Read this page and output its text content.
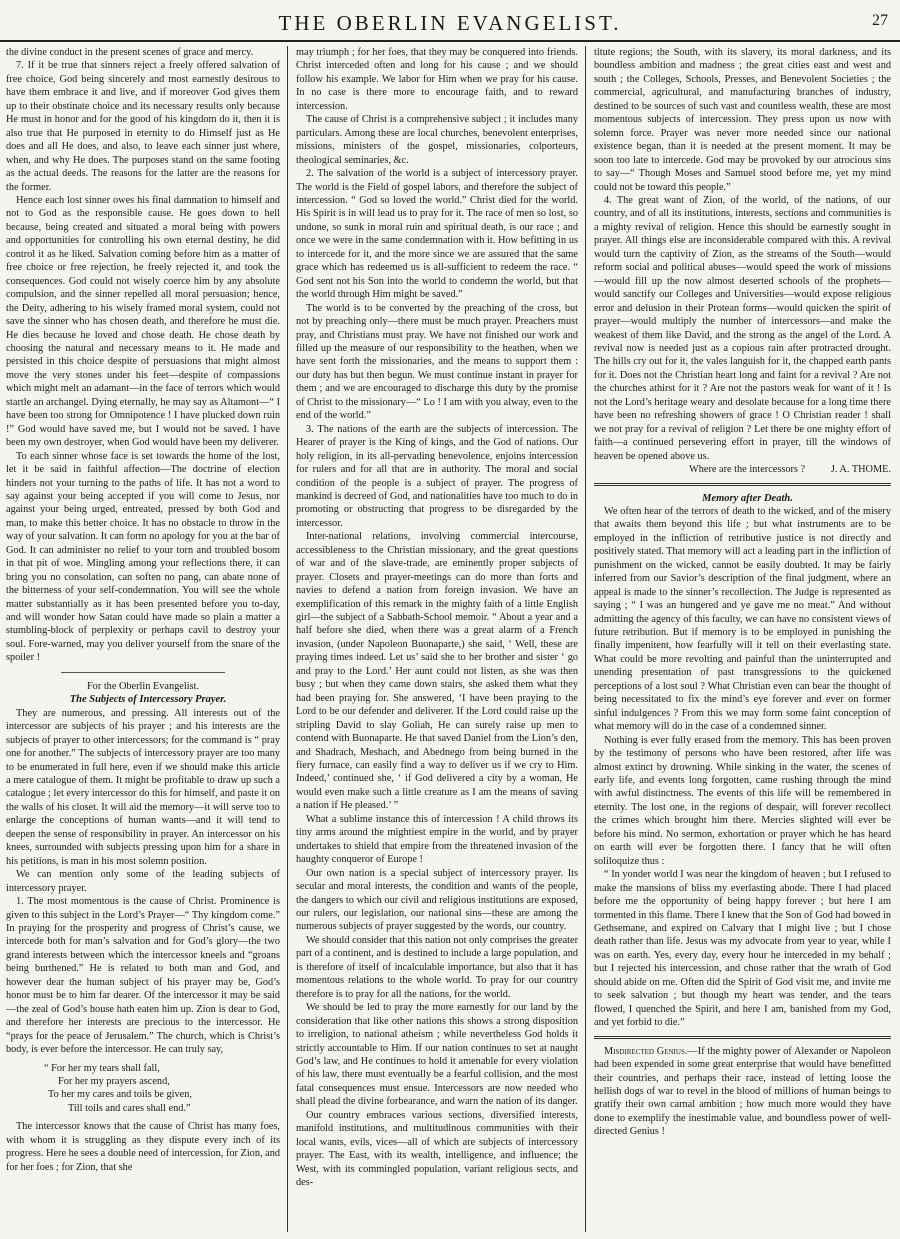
THE OBERLIN EVANGELIST.	27

the divine conduct in the present scenes of grace and mercy.

7. If it be true that sinners reject a freely offered salvation of free choice, God being sincerely and most earnestly desirous to have them embrace it and live, and if moreover God gives them up to their obstinate choice and its necessary results only because He must in honor and for the good of his kingdom do it, then it is also true that He purposed in eternity to do Himself just as He does and all He does, and also, to leave each sinner just where, when, and why He does. The purposes stand on the same footing as the actual deeds. The reasons for the latter are the reasons for the former.

Hence each lost sinner owes his final damnation to himself and not to God as the responsible cause. He goes down to hell because, being created and situated a moral being with powers and opportunities for controlling his own eternal destiny, he did control it as he liked. Salvation coming before him as a matter of free choice or free rejection, he freely rejected it, and took the consequences. God could not wisely coerce him by any absolute compulsion, and the sinner repelled all moral persuasion; hence, the Deity, adhering to his wisely framed moral system, could not save the sinner who has chosen death, and therefore he must die. He dies because he loved and chose death. He chose death by choosing the natural and necessary means to it. He made and persisted in this choice despite of persuasions that might almost move the very stones under his feet—despite of compassions which might melt an adamant—in the face of terrors which would startle an archangel. Dying eternally, he may say as Altamont—“ I have been too strong for Omnipotence ! I have plucked down ruin !” God would have saved me, but I would not be saved. I have been my own destroyer, when God would have been my deliverer.

To each sinner whose face is set towards the home of the lost, let it be said in faithful affection—The doctrine of election hinders not your turning to the paths of life. It has not a word to say against your being accepted if you will come to Jesus, nor against your being urged, entreated, pressed by both God and man, to make this better choice. It has no obstacle to throw in the way of your salvation. It can form no apology for you at the bar of God. It can administer no relief to your torn and troubled bosom in that pit of woe. Mingling among your reflections there, it can bring you no consolation, can soften no pang, can abate none of the bitterness of your self-condemnation. You will see the whole matter substantially as it has been presented before you to-day, and will wonder how Satan could have made so plain a matter a stumbling-block of perplexity or perhaps cavil to destroy your soul. Fore-warned, may you deliver yourself from the snare of the spoiler !

For the Oberlin Evangelist.

The Subjects of Intercessory Prayer.

They are numerous, and pressing. All interests out of the intercessor are subjects of his prayer ; and his interests are the subjects of prayer to other intercessors; for the command is “ pray one for another.” The subjects of intercessory prayer are too many to be enumerated in full here, even if we should make this article a mere catalogue of them. It might be profitable to draw up such a catalogue ; let every intercessor do this for himself, and paste it on the walls of his closet. It will aid the memory—it will serve too to enlarge the conceptions of human wants—and it will tend to deepen the sense of responsibility in prayer. An intercessor on his knees, surrounded with subjects pressing upon him for a share in his petitions, is man in his most solemn position.

We can mention only some of the leading subjects of intercessory prayer.

1. The most momentous is the cause of Christ. Prominence is given to this subject in the Lord’s Prayer—“ Thy kingdom come.” In praying for the prosperity and progress of Christ’s cause, we intercede both for man’s salvation and for God’s glory—the two grand interests between which the intercessor kneels and “groans being burthened.” He is related to both man and God, and however dear the human subject of his prayer may be, God’s honor must be to him far dearer. Of the intercessor it may be said—the zeal of God’s house hath eaten him up. Zion is dear to God, and therefore her interests are precious to the intercessor. He “prays for the peace of Jerusalem.” The church, which is Christ’s body, is ever before the intercessor. He can truly say,

“ For her my tears shall fall,
For her my prayers ascend,
To her my cares and toils be given,
Till toils and cares shall end.”

The intercessor knows that the cause of Christ has many foes, with whom it is struggling as they dispute every inch of its progress. Here he sees a double need of intercession, for Zion, and for her foes ; for Zion, that she

may triumph ; for her foes, that they may be conquered into friends. Christ interceded often and long for his cause ; and we should follow his example. We labor for Him when we pray for his cause. In no case is there more to encourage faith, and to reward intercession.

The cause of Christ is a comprehensive subject ; it includes many particulars. Among these are local churches, benevolent enterprises, missions, ministers of the gospel, missionaries, colporteurs, theological seminaries, &c.

2. The salvation of the world is a subject of intercessory prayer. The world is the Field of gospel labors, and therefore the subject of intercession. “ God so loved the world.” Christ died for the world. His Spirit is in will lead us to pray for it. The race of men so lost, so undone, so sunk in moral ruin and spiritual death, is our race ; and once we were in the same condemnation with it. How befitting in us to intercede for it, and the more since we are assured that the same grace which has redeemed us is all-sufficient to redeem the race. “ God sent not his Son into the world to condemn the world, but that the world through Him might be saved.”

The world is to be converted by the preaching of the cross, but not by preaching only—there must be much prayer. Preachers must pray, and Christians must pray. We have not finished our work and filled up the measure of our responsibility to the heathen, when we have sent forth the missionaries, and the means to support them : our duty has but then begun. We must continue instant in prayer for them ; and we are encouraged to discharge this duty by the promise of Christ to the missionary—“ Lo ! I am with you alway, even to the end of the world.”

3. The nations of the earth are the subjects of intercession. The Hearer of prayer is the King of kings, and the God of nations. Our holy religion, in its all-pervading benevolence, enjoins intercession for rulers and for all that are in authority. The moral and social condition of the people is a subject of prayer. The progress of mankind is decreed of God, and nationalities have too much to do in promoting or obstructing that progress to be disregarded by the intercessor.

Inter-national relations, involving commercial intercourse, accessibleness to the Christian missionary, and the great questions of war and of the slave-trade, are eminently proper subjects of prayer. Closets and prayer-meetings can do more than forts and navies to defend a nation from foreign invasion. We have an exemplification of this remark in the mighty faith of a little English girl—the subject of a Sabbath-School memoir. “ About a year and a half before she died, when there was a great alarm of a French invasion, (under Napoleon Buonaparte,) she said, ‘ Well, these are praying times indeed. Let us’ said she to her brother and sister ‘ go and pray to the Lord.’ Her aunt could not listen, as she was then busy ; but when they came down stairs, she asked them what they had been praying for. She answered, ‘I have been praying to the Lord to be our defender and deliverer. If the Lord could raise up the stripling David to slay Goliah, He can surely raise up men to contend with Buonaparte. He that saved Daniel from the Lion’s den, and Shadrach, Meshach, and Abednego from being burned in the fiery furnace, can easily find a way to deliver us if we cry to Him. Indeed,’ continued she, ‘ if God delivered a city by a woman, He would even make such a little creature as I am the means of saving a nation if He pleased.’ ”

What a sublime instance this of intercession ! A child throws its tiny arms around the mightiest empire in the world, and by prayer undertakes to shield that empire from the threatened invasion of the haughty conqueror of Europe !

Our own nation is a special subject of intercessory prayer. Its secular and moral interests, the condition and wants of the people, the dangers to which our civil and religious institutions are exposed, our rulers, our legislation, our national sins—these are among the numerous subjects of prayer suggested by the words, our country.

We should consider that this nation not only comprises the greater part of a continent, and is destined to include a large population, and is therefore of itself of incalculable importance, but also that it has momentous relations to the whole world. To pray for our country therefore is to pray for all the nations, for the world.

We should be led to pray the more earnestly for our land by the consideration that like other nations this shows a strong disposition to irreligion, to national atheism ; while nevertheless God holds it strictly accountable to Him. If our nation continues to set at naught God’s law, and He continues to hold it amenable for every violation of his law, there must eventually be a fearful collision, and the most fatal consequences must ensue. Intercessors are now needed who shall plead the divine forbearance, and warn the nation of its danger.

Our country embraces various sections, diversified interests, manifold institutions, and multitudinous communities with their local wants, evils, vices—all of which are subjects of intercessory prayer. The East, with its wealth, intelligence, and influence; the West, with its commingled population, variant religious sects, and des-

titute regions; the South, with its slavery, its moral darkness, and its boundless ambition and madness ; the great cities east and west and south ; the Colleges, Schools, Presses, and Benevolent Societies ; the commercial, agricultural, and manufacturing branches of industry, destined to be sources of such vast and countless wealth, these are most momentous subjects of intercession. They press upon us now with solemn force. Prayer was never more needed since our national existence began, than it is needed at the present moment. It may be soon too late to intercede. God may be provoked by our atrocious sins to say—“ Though Moses and Samuel stood before me, yet my mind could not be toward this people.”

4. The great want of Zion, of the world, of the nations, of our country, and of all its institutions, interests, sections and communities is a mighty revival of religion. Hence this should be earnestly sought in prayer. All things else are inconsiderable compared with this. A revival would turn the captivity of Zion, as the streams of the South—would reform social and political abuses—would speed the work of missions—would fill up the now almost deserted schools of the prophets— would sanctify our Colleges and Universities—would expose religious error and delusion in their Protean forms—would quicken the spirit of prayer—would multiply the number of intercessors—and make the weakest of them like David, and the strong as the angel of the Lord. A revival now is needed just as a copious rain after protracted drought. The hills cry out for it, the vales languish for it, the chapped earth pants for it. Does not the Christian heart long and faint for a revival ? Are not the churches athirst for it ? Are not the pastors weak for want of it ! Is not the Lord’s heritage weary and desolate because for a long time there have been no refreshing showers of grace ! O Christian reader ! shall we not pray for a revival of religion ? Let there be one mighty effort of faith—a continued persevering effort in prayer, till the windows of heaven be opened above us.

Where are the intercessors ?	J. A. THOME.

Memory after Death.

We often hear of the terrors of death to the wicked, and of the misery that awaits them beyond this life ; but what instruments are to be employed in the infliction of retributive justice is not directly and positively stated. That memory will act a leading part in the infliction of punishment on the wicked, cannot be easily doubted. It may be fairly inferred from our Savior’s description of the final judgment, where an appeal is made to the sinner’s recollection. The Judge is represented as saying ; “ I was an hungered and ye gave me no meat.” And without admitting the agency of this faculty, we can have no consistent views of future retribution. But if memory is to be employed in punishing the finally impenitent, how fearfully will it tell on their everlasting state. What could be more revolting and painful than the uninterrupted and unending presentation of past transgressions to the quickened perceptions of a lost soul ? What Christian even can bear the thought of being necessitated to fix the mind’s eye forever and ever on former sinful indulgences ? From this we may form some faint conception of what memory will do in the case of a condemned sinner.

Nothing is ever fully erased from the memory. This has been proven by the testimony of persons who have been restored, after life was almost extinct by drowning. While sinking in the water, the scenes of early life, and events long forgotten, came rushing through the mind with awful distinctness. The events of this life will be remembered in eternity. The lost one, in the regions of despair, will forever recollect the crimes which brought him there. Mercies slighted will ever be before his mind. No sermon, exhortation or prayer which he has heard on earth will ever be forgotten there. I fancy that he will often soliloquize thus :

“ In yonder world I was near the kingdom of heaven ; but I refused to make the mansions of bliss my everlasting abode. There I had placed before me the opportunity of being happy forever ; but here I am tormented in this flame. There I knew that the Son of God had bowed in Gethsemane, and expired on Calvary that I might live ; but I chose death rather than life. Jesus was my advocate from year to year, while I was on earth. Yes, every day, every hour he interceded in my behalf ; but I rejected his intercession, and chose rather that the wrath of God should abide on me. Often did the Spirit of God visit me, and invite me to seek salvation ; but though my heart was tender, and the tears flowed, I quenched the Spirit, and here I am, banished from my God, and yet forbid to die.”

Misdirected Genius.—If the mighty power of Alexander or Napoleon had been expended in some great enterprise that would have benefitted their countries, and perhaps their race, instead of letting loose the hellish dogs of war to revel in the blood of millions of human beings to gratify their own carnal ambition ; how much more would they have done to exemplify the inestimable value, and boundless power of well-directed Genius !
